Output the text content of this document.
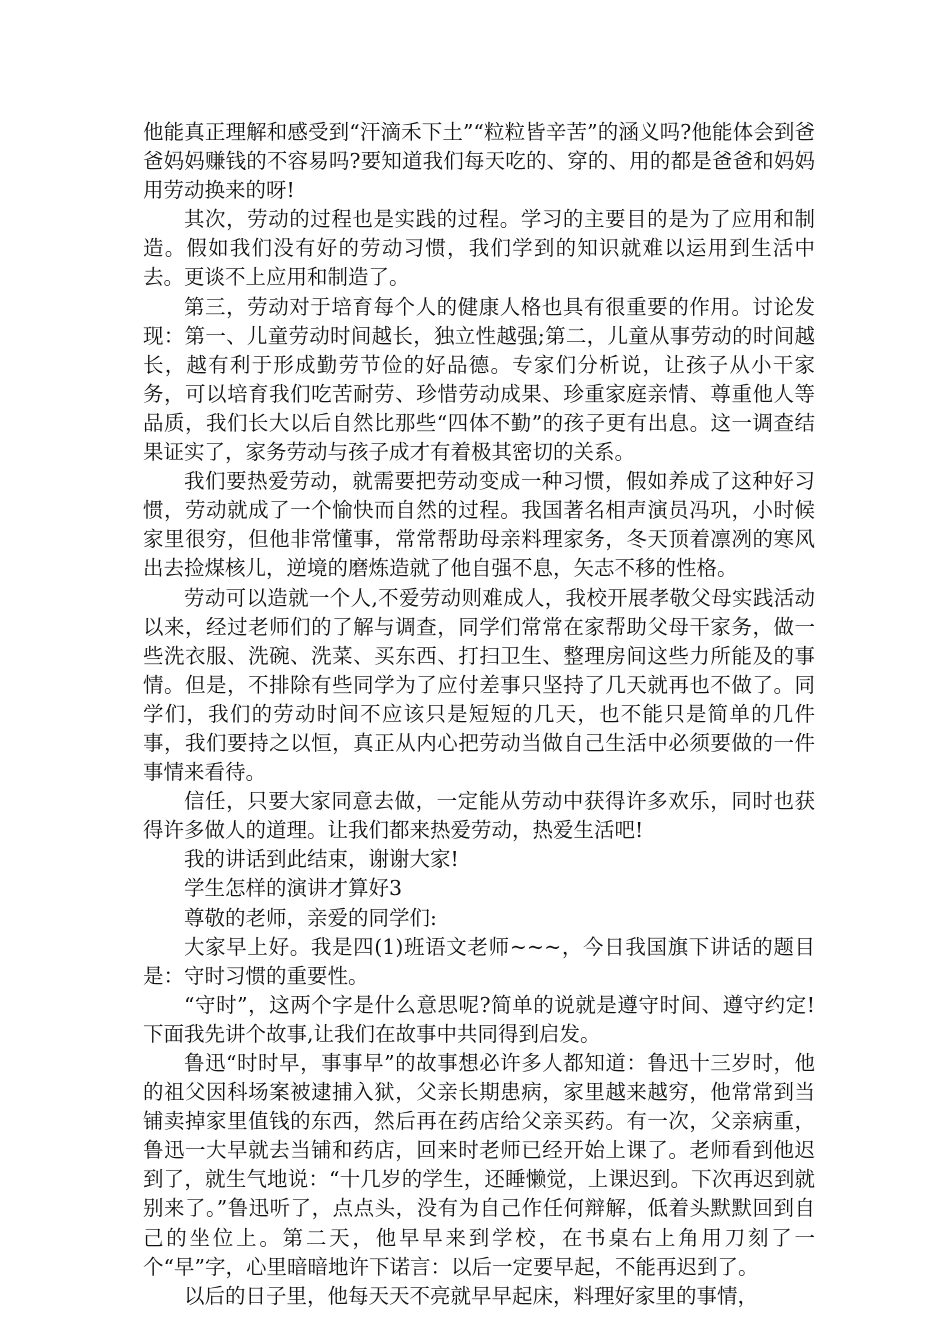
他能真正理解和感受到“汗滴禾下土”“粒粒皆辛苦”的涵义吗?他能体会到爸爸妈妈赚钱的不容易吗?要知道我们每天吃的、穿的、用的都是爸爸和妈妈用劳动换来的呀!

其次，劳动的过程也是实践的过程。学习的主要目的是为了应用和制造。假如我们没有好的劳动习惯，我们学到的知识就难以运用到生活中去。更谈不上应用和制造了。

第三，劳动对于培育每个人的健康人格也具有很重要的作用。讨论发现：第一、儿童劳动时间越长，独立性越强;第二，儿童从事劳动的时间越长，越有利于形成勤劳节俭的好品德。专家们分析说，让孩子从小干家务，可以培育我们吃苦耐劳、珍惜劳动成果、珍重家庭亲情、尊重他人等品质，我们长大以后自然比那些“四体不勤”的孩子更有出息。这一调查结果证实了，家务劳动与孩子成才有着极其密切的关系。

我们要热爱劳动，就需要把劳动变成一种习惯，假如养成了这种好习惯，劳动就成了一个愉快而自然的过程。我国著名相声演员冯巩，小时候家里很穷，但他非常懂事，常常帮助母亲料理家务，冬天顶着凛冽的寒风出去捡煤核儿，逆境的磨炼造就了他自强不息，矢志不移的性格。

劳动可以造就一个人,不爱劳动则难成人，我校开展孝敬父母实践活动以来，经过老师们的了解与调查，同学们常常在家帮助父母干家务，做一些洗衣服、洗碗、洗菜、买东西、打扫卫生、整理房间这些力所能及的事情。但是，不排除有些同学为了应付差事只坚持了几天就再也不做了。同学们，我们的劳动时间不应该只是短短的几天，也不能只是简单的几件事，我们要持之以恒，真正从内心把劳动当做自己生活中必须要做的一件事情来看待。

信任，只要大家同意去做，一定能从劳动中获得许多欢乐，同时也获得许多做人的道理。让我们都来热爱劳动，热爱生活吧!

我的讲话到此结束，谢谢大家!

学生怎样的演讲才算好3

尊敬的老师，亲爱的同学们:

大家早上好。我是四(1)班语文老师~~~，今日我国旗下讲话的题目是：守时习惯的重要性。

“守时”，这两个字是什么意思呢?简单的说就是遵守时间、遵守约定!下面我先讲个故事,让我们在故事中共同得到启发。

鲁迅“时时早，事事早”的故事想必许多人都知道：鲁迅十三岁时，他的祖父因科场案被逮捕入狱，父亲长期患病，家里越来越穷，他常常到当铺卖掉家里值钱的东西，然后再在药店给父亲买药。有一次，父亲病重，鲁迅一大早就去当铺和药店，回来时老师已经开始上课了。老师看到他迟到了，就生气地说：“十几岁的学生，还睡懒觉，上课迟到。下次再迟到就别来了。”鲁迅听了，点点头，没有为自己作任何辩解，低着头默默回到自己的坐位上。第二天，他早早来到学校，在书桌右上角用刀刻了一个“早”字，心里暗暗地许下诺言：以后一定要早起，不能再迟到了。

以后的日子里，他每天天不亮就早早起床，料理好家里的事情，
